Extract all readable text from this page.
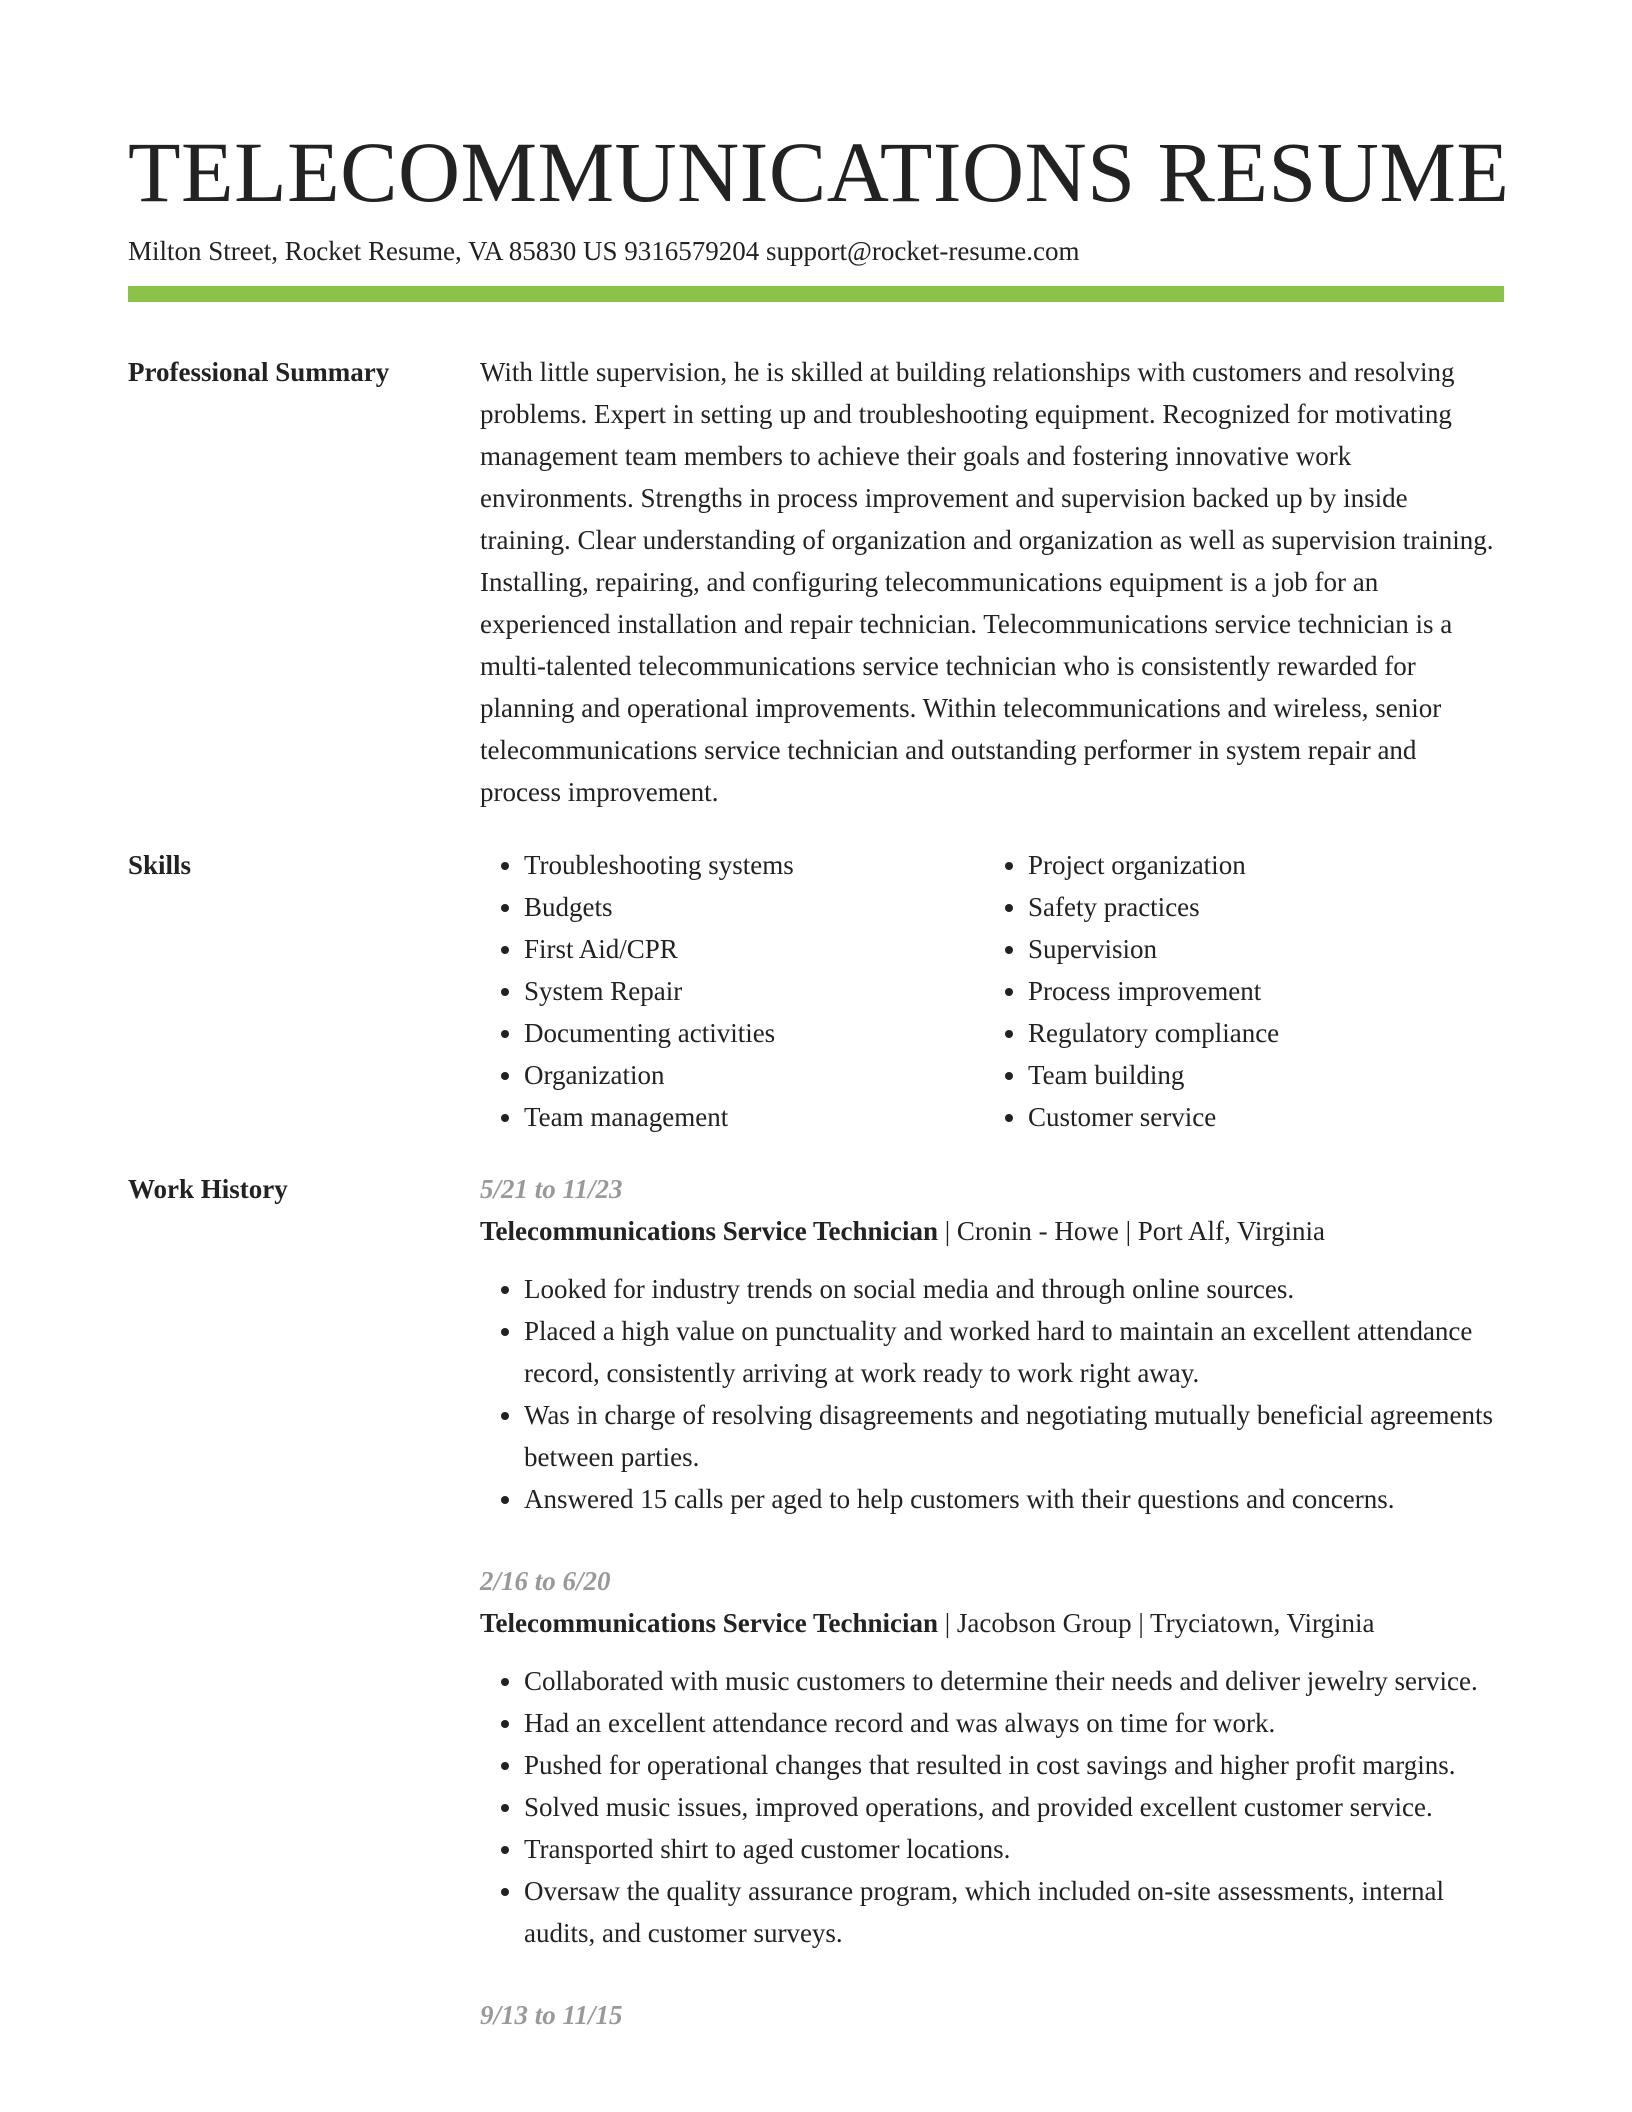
TELECOMMUNICATIONS RESUME
Milton Street, Rocket Resume, VA 85830 US 9316579204 support@rocket-resume.com
Professional Summary	With little supervision, he is skilled at building relationships with customers and resolving problems. Expert in setting up and troubleshooting equipment. Recognized for motivating management team members to achieve their goals and fostering innovative work environments. Strengths in process improvement and supervision backed up by inside training. Clear understanding of organization and organization as well as supervision training. Installing, repairing, and configuring telecommunications equipment is a job for an experienced installation and repair technician. Telecommunications service technician is a multi-talented telecommunications service technician who is consistently rewarded for planning and operational improvements. Within telecommunications and wireless, senior telecommunications service technician and outstanding performer in system repair and process improvement.

Skills
•	Troubleshooting systems
• Budgets
• First Aid/CPR
• System Repair
• Documenting activities
• Organization
• Team management
• Project organization
• Safety practices
• Supervision
• Process improvement
• Regulatory compliance
• Team building
• Customer service
Work History	5/21 to 11/23
Telecommunications Service Technician | Cronin - Howe | Port Alf, Virginia
• Looked for industry trends on social media and through online sources.
• Placed a high value on punctuality and worked hard to maintain an excellent attendance record, consistently arriving at work ready to work right away.
• Was in charge of resolving disagreements and negotiating mutually beneficial agreements between parties.
• Answered 15 calls per aged to help customers with their questions and concerns.
2/16 to 6/20
Telecommunications Service Technician | Jacobson Group | Tryciatown, Virginia
• Collaborated with music customers to determine their needs and deliver jewelry service.
• Had an excellent attendance record and was always on time for work.
• Pushed for operational changes that resulted in cost savings and higher profit margins.
• Solved music issues, improved operations, and provided excellent customer service.
• Transported shirt to aged customer locations.
• Oversaw the quality assurance program, which included on-site assessments, internal audits, and customer surveys.
9/13 to 11/15
